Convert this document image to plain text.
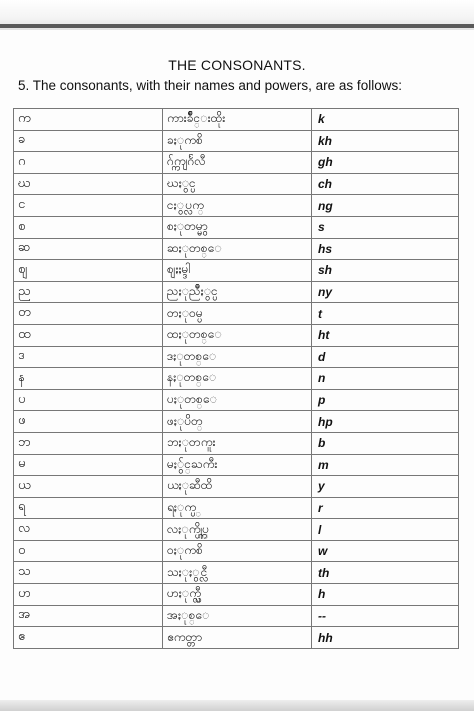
THE CONSONANTS.
5. The consonants, with their names and powers, are as follows:
က	ကားခ်ိဳင္းထိုး	k
ခ	ခႏုကစိ	kh
ဂ	ဂ်က္ကျဂႅလီ	gh
ဃ	ဃႏွင္ပ	ch
င	ငႏွပ္လက္	ng
စ	စႏုတမ္မွာ	s
ဆ	ဆႏုတစ္ေ	hs
ဈ	ဈႏႈမ္ဒါ	sh
ည	ညႏုညိဳႏွင္ပ	ny
တ	တႏုဝမ္ပ	t
ထ	ထႏုတစ္ေ	ht
ဒ	ဒႏုတစ္ေ	d
န	နႏုတစ္ေ	n
ပ	ပႏုတစ္ေ	p
ဖ	ဖႏုပိတ္	hp
ဘ	ဘႏုတကူး	b
မ	မႏွ်င္ႀကီး	m
ယ	ယႏုဆီထိ	y
ရ	ရႏုက္ပ္	r
လ	လႏုက္ပ္ကိုပ္	l
ဝ	ဝႏုကစိ	w
သ	သႏုႏွင္လီ	th
ဟ	ဟႏုက္ပ္လီ	h
အ	အႏုစ္ေ	--
ဧ	ဧကတ္တာ	hh
